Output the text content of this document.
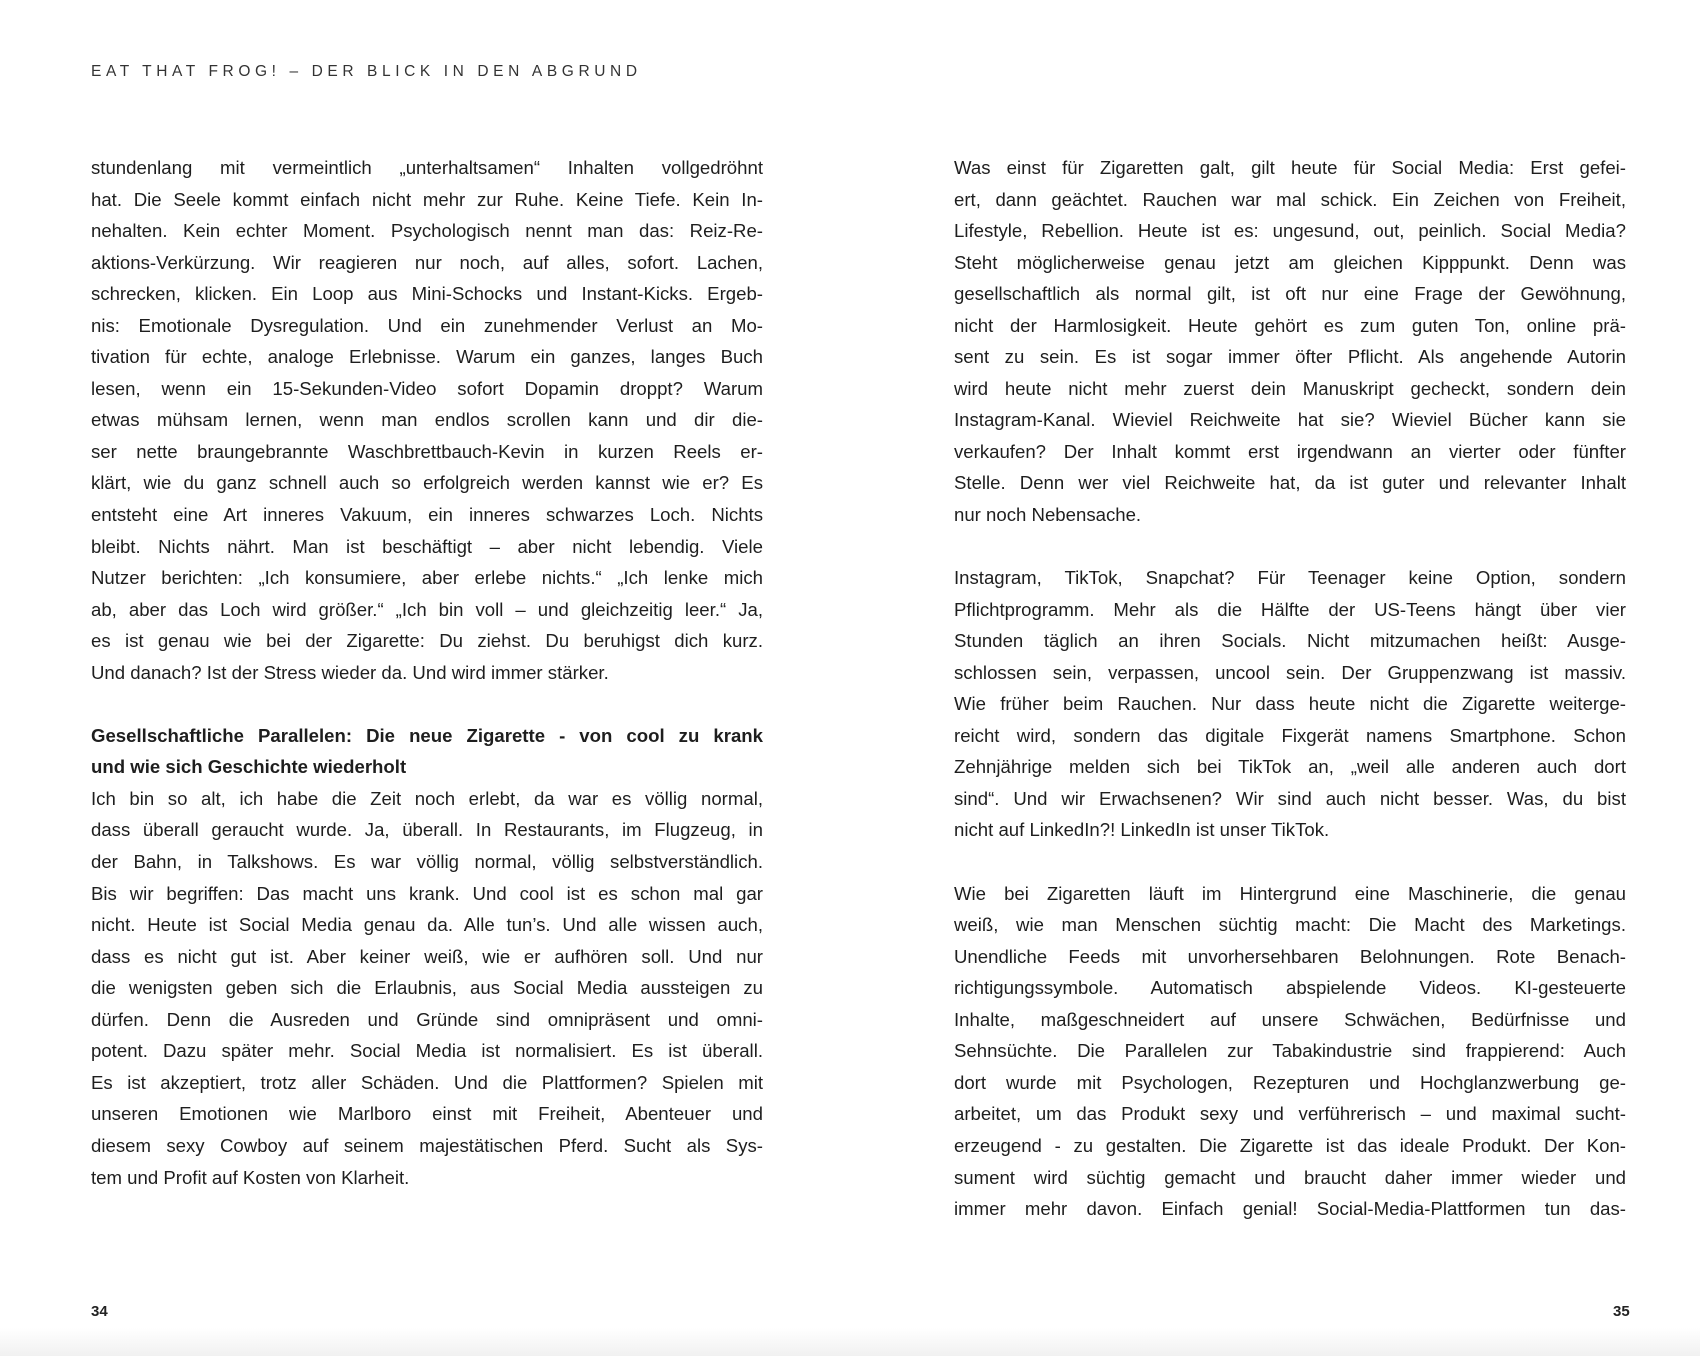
EAT THAT FROG! – DER BLICK IN DEN ABGRUND
stundenlang mit vermeintlich „unterhaltsamen“ Inhalten vollgedröhnt
hat. Die Seele kommt einfach nicht mehr zur Ruhe. Keine Tiefe. Kein In-
nehalten. Kein echter Moment. Psychologisch nennt man das: Reiz-Re-
aktions-Verkürzung. Wir reagieren nur noch, auf alles, sofort. Lachen,
schrecken, klicken. Ein Loop aus Mini-Schocks und Instant-Kicks. Ergeb-
nis: Emotionale Dysregulation. Und ein zunehmender Verlust an Mo-
tivation für echte, analoge Erlebnisse. Warum ein ganzes, langes Buch
lesen, wenn ein 15-Sekunden-Video sofort Dopamin droppt? Warum
etwas mühsam lernen, wenn man endlos scrollen kann und dir die-
ser nette braungebrannte Waschbrettbauch-Kevin in kurzen Reels er-
klärt, wie du ganz schnell auch so erfolgreich werden kannst wie er? Es
entsteht eine Art inneres Vakuum, ein inneres schwarzes Loch. Nichts
bleibt. Nichts nährt. Man ist beschäftigt – aber nicht lebendig. Viele
Nutzer berichten: „Ich konsumiere, aber erlebe nichts.“ „Ich lenke mich
ab, aber das Loch wird größer.“ „Ich bin voll – und gleichzeitig leer.“ Ja,
es ist genau wie bei der Zigarette: Du ziehst. Du beruhigst dich kurz.
Und danach? Ist der Stress wieder da. Und wird immer stärker.
Gesellschaftliche Parallelen: Die neue Zigarette - von cool zu krank
und wie sich Geschichte wiederholt
Ich bin so alt, ich habe die Zeit noch erlebt, da war es völlig normal,
dass überall geraucht wurde. Ja, überall. In Restaurants, im Flugzeug, in
der Bahn, in Talkshows. Es war völlig normal, völlig selbstverständlich.
Bis wir begriffen: Das macht uns krank. Und cool ist es schon mal gar
nicht. Heute ist Social Media genau da. Alle tun’s. Und alle wissen auch,
dass es nicht gut ist. Aber keiner weiß, wie er aufhören soll. Und nur
die wenigsten geben sich die Erlaubnis, aus Social Media aussteigen zu
dürfen. Denn die Ausreden und Gründe sind omnipräsent und omni-
potent. Dazu später mehr. Social Media ist normalisiert. Es ist überall.
Es ist akzeptiert, trotz aller Schäden. Und die Plattformen? Spielen mit
unseren Emotionen wie Marlboro einst mit Freiheit, Abenteuer und
diesem sexy Cowboy auf seinem majestätischen Pferd. Sucht als Sys-
tem und Profit auf Kosten von Klarheit.
Was einst für Zigaretten galt, gilt heute für Social Media: Erst gefei-
ert, dann geächtet. Rauchen war mal schick. Ein Zeichen von Freiheit,
Lifestyle, Rebellion. Heute ist es: ungesund, out, peinlich. Social Media?
Steht möglicherweise genau jetzt am gleichen Kipppunkt. Denn was
gesellschaftlich als normal gilt, ist oft nur eine Frage der Gewöhnung,
nicht der Harmlosigkeit. Heute gehört es zum guten Ton, online prä-
sent zu sein. Es ist sogar immer öfter Pflicht. Als angehende Autorin
wird heute nicht mehr zuerst dein Manuskript gecheckt, sondern dein
Instagram-Kanal. Wieviel Reichweite hat sie? Wieviel Bücher kann sie
verkaufen? Der Inhalt kommt erst irgendwann an vierter oder fünfter
Stelle. Denn wer viel Reichweite hat, da ist guter und relevanter Inhalt
nur noch Nebensache.
Instagram, TikTok, Snapchat? Für Teenager keine Option, sondern
Pflichtprogramm. Mehr als die Hälfte der US-Teens hängt über vier
Stunden täglich an ihren Socials. Nicht mitzumachen heißt: Ausge-
schlossen sein, verpassen, uncool sein. Der Gruppenzwang ist massiv.
Wie früher beim Rauchen. Nur dass heute nicht die Zigarette weiterge-
reicht wird, sondern das digitale Fixgerät namens Smartphone. Schon
Zehnjährige melden sich bei TikTok an, „weil alle anderen auch dort
sind“. Und wir Erwachsenen? Wir sind auch nicht besser. Was, du bist
nicht auf LinkedIn?! LinkedIn ist unser TikTok.
Wie bei Zigaretten läuft im Hintergrund eine Maschinerie, die genau
weiß, wie man Menschen süchtig macht: Die Macht des Marketings.
Unendliche Feeds mit unvorhersehbaren Belohnungen. Rote Benach-
richtigungssymbole. Automatisch abspielende Videos. KI-gesteuerte
Inhalte, maßgeschneidert auf unsere Schwächen, Bedürfnisse und
Sehnsüchte. Die Parallelen zur Tabakindustrie sind frappierend: Auch
dort wurde mit Psychologen, Rezepturen und Hochglanzwerbung ge-
arbeitet, um das Produkt sexy und verführerisch – und maximal sucht-
erzeugend - zu gestalten. Die Zigarette ist das ideale Produkt. Der Kon-
sument wird süchtig gemacht und braucht daher immer wieder und
immer mehr davon. Einfach genial! Social-Media-Plattformen tun das-
34	35
